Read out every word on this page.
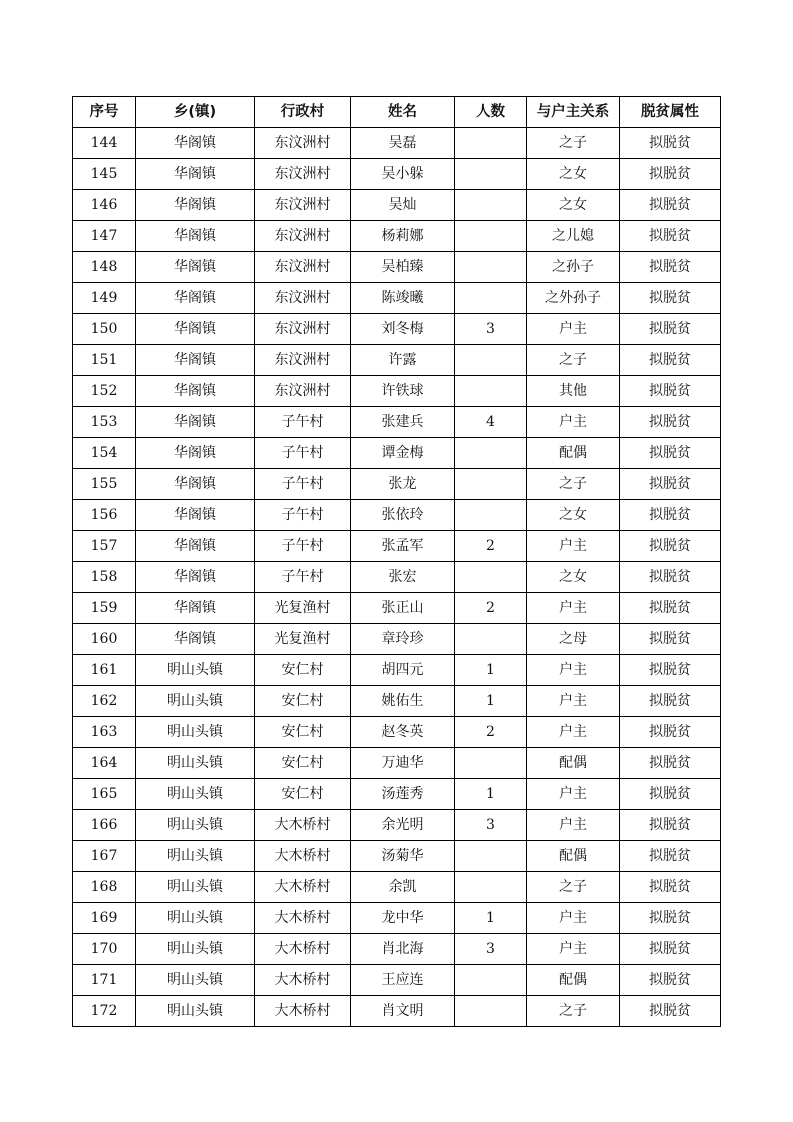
序号	乡(镇)	行政村	姓名	人数	与户主关系	脱贫属性
144	华阁镇	东汶洲村	吴磊		之子	拟脱贫
145	华阁镇	东汶洲村	吴小躲		之女	拟脱贫
146	华阁镇	东汶洲村	吴灿		之女	拟脱贫
147	华阁镇	东汶洲村	杨莉娜		之儿媳	拟脱贫
148	华阁镇	东汶洲村	吴柏臻		之孙子	拟脱贫
149	华阁镇	东汶洲村	陈竣曦		之外孙子	拟脱贫
150	华阁镇	东汶洲村	刘冬梅	3	户主	拟脱贫
151	华阁镇	东汶洲村	许露		之子	拟脱贫
152	华阁镇	东汶洲村	许铁球		其他	拟脱贫
153	华阁镇	子午村	张建兵	4	户主	拟脱贫
154	华阁镇	子午村	谭金梅		配偶	拟脱贫
155	华阁镇	子午村	张龙		之子	拟脱贫
156	华阁镇	子午村	张依玲		之女	拟脱贫
157	华阁镇	子午村	张孟军	2	户主	拟脱贫
158	华阁镇	子午村	张宏		之女	拟脱贫
159	华阁镇	光复渔村	张正山	2	户主	拟脱贫
160	华阁镇	光复渔村	章玲珍		之母	拟脱贫
161	明山头镇	安仁村	胡四元	1	户主	拟脱贫
162	明山头镇	安仁村	姚佑生	1	户主	拟脱贫
163	明山头镇	安仁村	赵冬英	2	户主	拟脱贫
164	明山头镇	安仁村	万迪华		配偶	拟脱贫
165	明山头镇	安仁村	汤莲秀	1	户主	拟脱贫
166	明山头镇	大木桥村	余光明	3	户主	拟脱贫
167	明山头镇	大木桥村	汤菊华		配偶	拟脱贫
168	明山头镇	大木桥村	余凯		之子	拟脱贫
169	明山头镇	大木桥村	龙中华	1	户主	拟脱贫
170	明山头镇	大木桥村	肖北海	3	户主	拟脱贫
171	明山头镇	大木桥村	王应连		配偶	拟脱贫
172	明山头镇	大木桥村	肖文明		之子	拟脱贫
